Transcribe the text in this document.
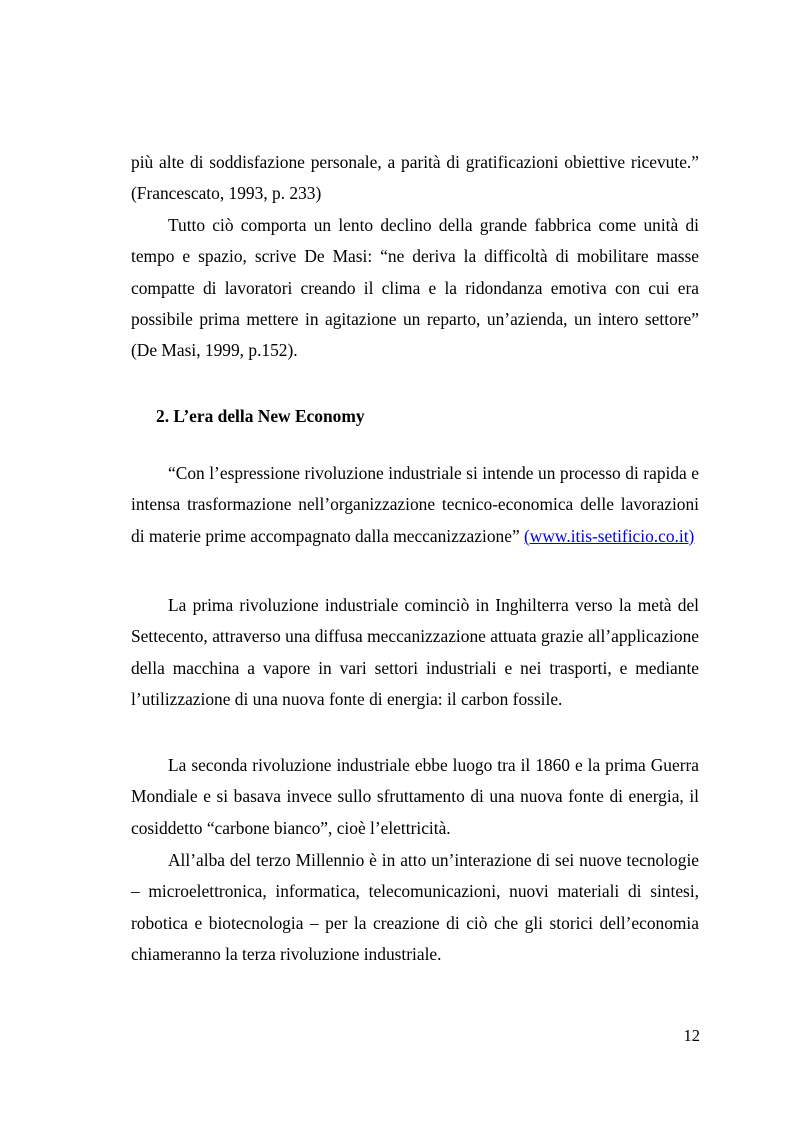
più alte di soddisfazione personale, a parità di gratificazioni obiettive ricevute.” (Francescato, 1993, p. 233)

Tutto ciò comporta un lento declino della grande fabbrica come unità di tempo e spazio, scrive De Masi: “ne deriva la difficoltà di mobilitare masse compatte di lavoratori creando il clima e la ridondanza emotiva con cui era possibile prima mettere in agitazione un reparto, un’azienda, un intero settore” (De Masi, 1999, p.152).

2. L’era della New Economy

“Con l’espressione rivoluzione industriale si intende un processo di rapida e intensa trasformazione nell’organizzazione tecnico-economica delle lavorazioni di materie prime accompagnato dalla meccanizzazione” (www.itis-setificio.co.it)

La prima rivoluzione industriale cominciò in Inghilterra verso la metà del Settecento, attraverso una diffusa meccanizzazione attuata grazie all’applicazione della macchina a vapore in vari settori industriali e nei trasporti, e mediante l’utilizzazione di una nuova fonte di energia: il carbon fossile.

La seconda rivoluzione industriale ebbe luogo tra il 1860 e la prima Guerra Mondiale e si basava invece sullo sfruttamento di una nuova fonte di energia, il cosiddetto “carbone bianco”, cioè l’elettricità.

All’alba del terzo Millennio è in atto un’interazione di sei nuove tecnologie – microelettronica, informatica, telecomunicazioni, nuovi materiali di sintesi, robotica e biotecnologia – per la creazione di ciò che gli storici dell’economia chiameranno la terza rivoluzione industriale.

12
